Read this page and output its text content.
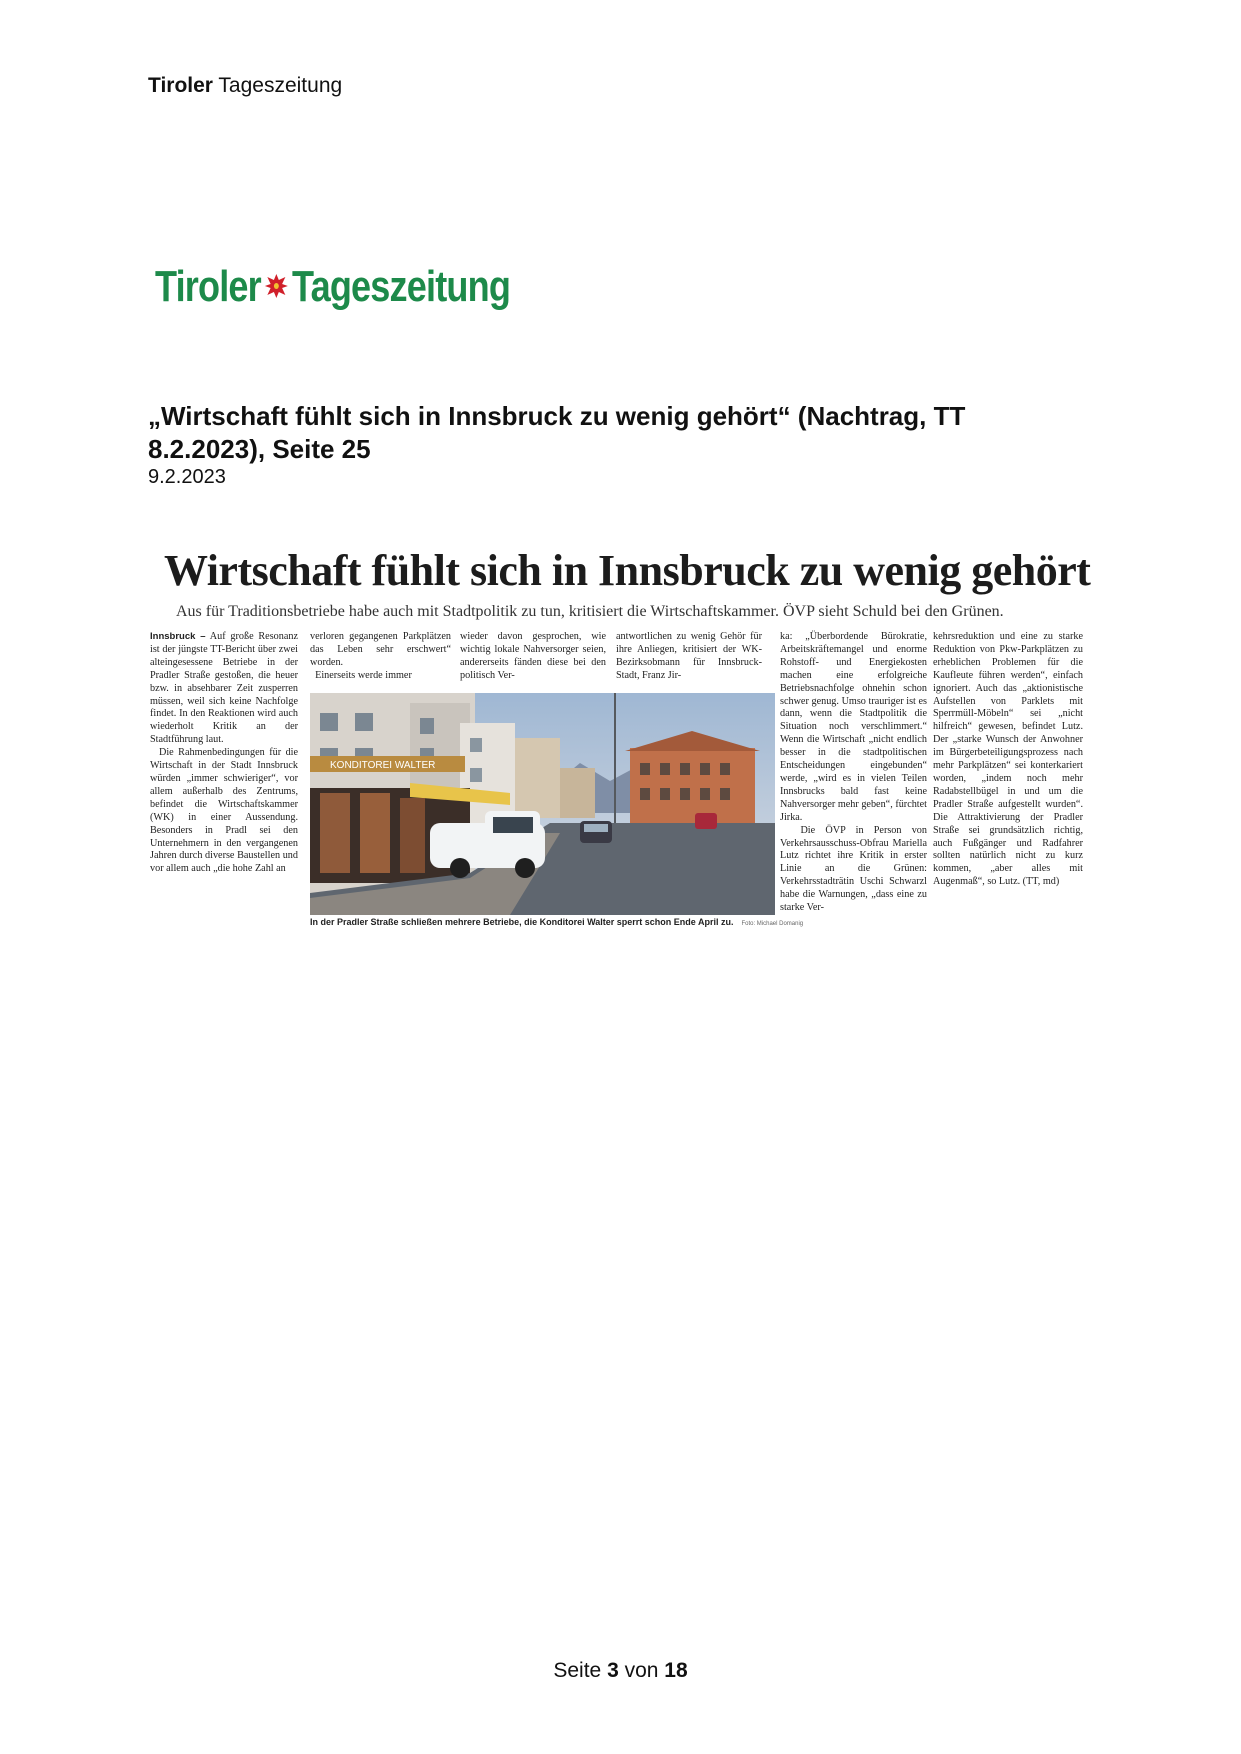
Tiroler Tageszeitung
Tiroler Tageszeitung
„Wirtschaft fühlt sich in Innsbruck zu wenig gehört“ (Nachtrag, TT 8.2.2023), Seite 25
9.2.2023
Wirtschaft fühlt sich in Innsbruck zu wenig gehört
Aus für Traditionsbetriebe habe auch mit Stadtpolitik zu tun, kritisiert die Wirtschaftskammer. ÖVP sieht Schuld bei den Grünen.

Innsbruck – Auf große Resonanz ist der jüngste TT-Bericht über zwei alteingesessene Betriebe in der Pradler Straße gestoßen, die heuer bzw. in absehbarer Zeit zusperren müssen, weil sich keine Nachfolge findet. In den Reaktionen wird auch wiederholt Kritik an der Stadtführung laut.

Die Rahmenbedingungen für die Wirtschaft in der Stadt Innsbruck würden „immer schwieriger“, vor allem außerhalb des Zentrums, befindet die Wirtschaftskammer (WK) in einer Aussendung. Besonders in Pradl sei den Unternehmern in den vergangenen Jahren durch diverse Baustellen und vor allem auch „die hohe Zahl an

verloren gegangenen Parkplätzen das Leben sehr erschwert“ worden.

Einerseits werde immer

wieder davon gesprochen, wie wichtig lokale Nahversorger seien, andererseits fänden diese bei den politisch Ver-

antwortlichen zu wenig Gehör für ihre Anliegen, kritisiert der WK-Bezirksobmann für Innsbruck-Stadt, Franz Jir-

KONDITOREI WALTER
In der Pradler Straße schließen mehrere Betriebe, die Konditorei Walter sperrt schon Ende April zu. Foto: Michael Domanig

ka: „Überbordende Bürokratie, Arbeitskräftemangel und enorme Rohstoff- und Energiekosten machen eine erfolgreiche Betriebsnachfolge ohnehin schon schwer genug. Umso trauriger ist es dann, wenn die Stadtpolitik die Situation noch verschlimmert.“ Wenn die Wirtschaft „nicht endlich besser in die stadtpolitischen Entscheidungen eingebunden“ werde, „wird es in vielen Teilen Innsbrucks bald fast keine Nahversorger mehr geben“, fürchtet Jirka.

Die ÖVP in Person von Verkehrsausschuss-Obfrau Mariella Lutz richtet ihre Kritik in erster Linie an die Grünen: Verkehrsstadträtin Uschi Schwarzl habe die Warnungen, „dass eine zu starke Ver-

kehrsreduktion und eine zu starke Reduktion von Pkw-Parkplätzen zu erheblichen Problemen für die Kaufleute führen werden“, einfach ignoriert. Auch das „aktionistische Aufstellen von Parklets mit Sperrmüll-Möbeln“ sei „nicht hilfreich“ gewesen, befindet Lutz. Der „starke Wunsch der Anwohner im Bürgerbeteiligungsprozess nach mehr Parkplätzen“ sei konterkariert worden, „indem noch mehr Radabstellbügel in und um die Pradler Straße aufgestellt wurden“. Die Attraktivierung der Pradler Straße sei grundsätzlich richtig, auch Fußgänger und Radfahrer sollten natürlich nicht zu kurz kommen, „aber alles mit Augenmaß“, so Lutz. (TT, md)

Seite 3 von 18
